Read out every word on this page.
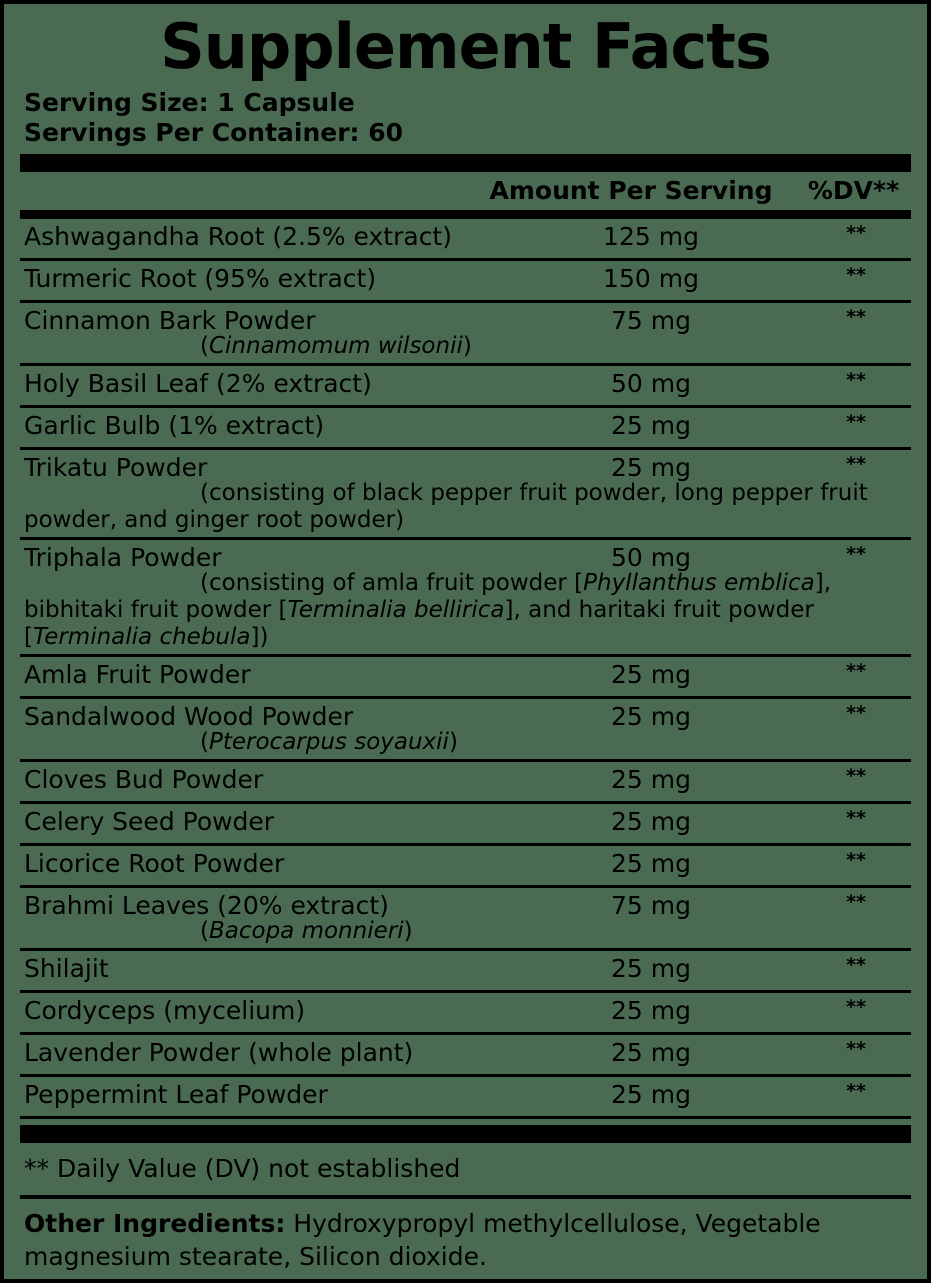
Supplement Facts
Serving Size: 1 Capsule
Servings Per Container: 60
Amount Per Serving	%DV**
Ashwagandha Root (2.5% extract)	125 mg	**
Turmeric Root (95% extract)	150 mg	**
Cinnamon Bark Powder	75 mg	**
(Cinnamomum wilsonii)
Holy Basil Leaf (2% extract)	50 mg	**
Garlic Bulb (1% extract)	25 mg	**
Trikatu Powder	25 mg	**
(consisting of black pepper fruit powder, long pepper fruit powder, and ginger root powder)
Triphala Powder	50 mg	**
(consisting of amla fruit powder [Phyllanthus emblica], bibhitaki fruit powder [Terminalia bellirica], and haritaki fruit powder [Terminalia chebula])
Amla Fruit Powder	25 mg	**
Sandalwood Wood Powder	25 mg	**
(Pterocarpus soyauxii)
Cloves Bud Powder	25 mg	**
Celery Seed Powder	25 mg	**
Licorice Root Powder	25 mg	**
Brahmi Leaves (20% extract)	75 mg	**
(Bacopa monnieri)
Shilajit	25 mg	**
Cordyceps (mycelium)	25 mg	**
Lavender Powder (whole plant)	25 mg	**
Peppermint Leaf Powder	25 mg	**
** Daily Value (DV) not established
Other Ingredients: Hydroxypropyl methylcellulose, Vegetable magnesium stearate, Silicon dioxide.
